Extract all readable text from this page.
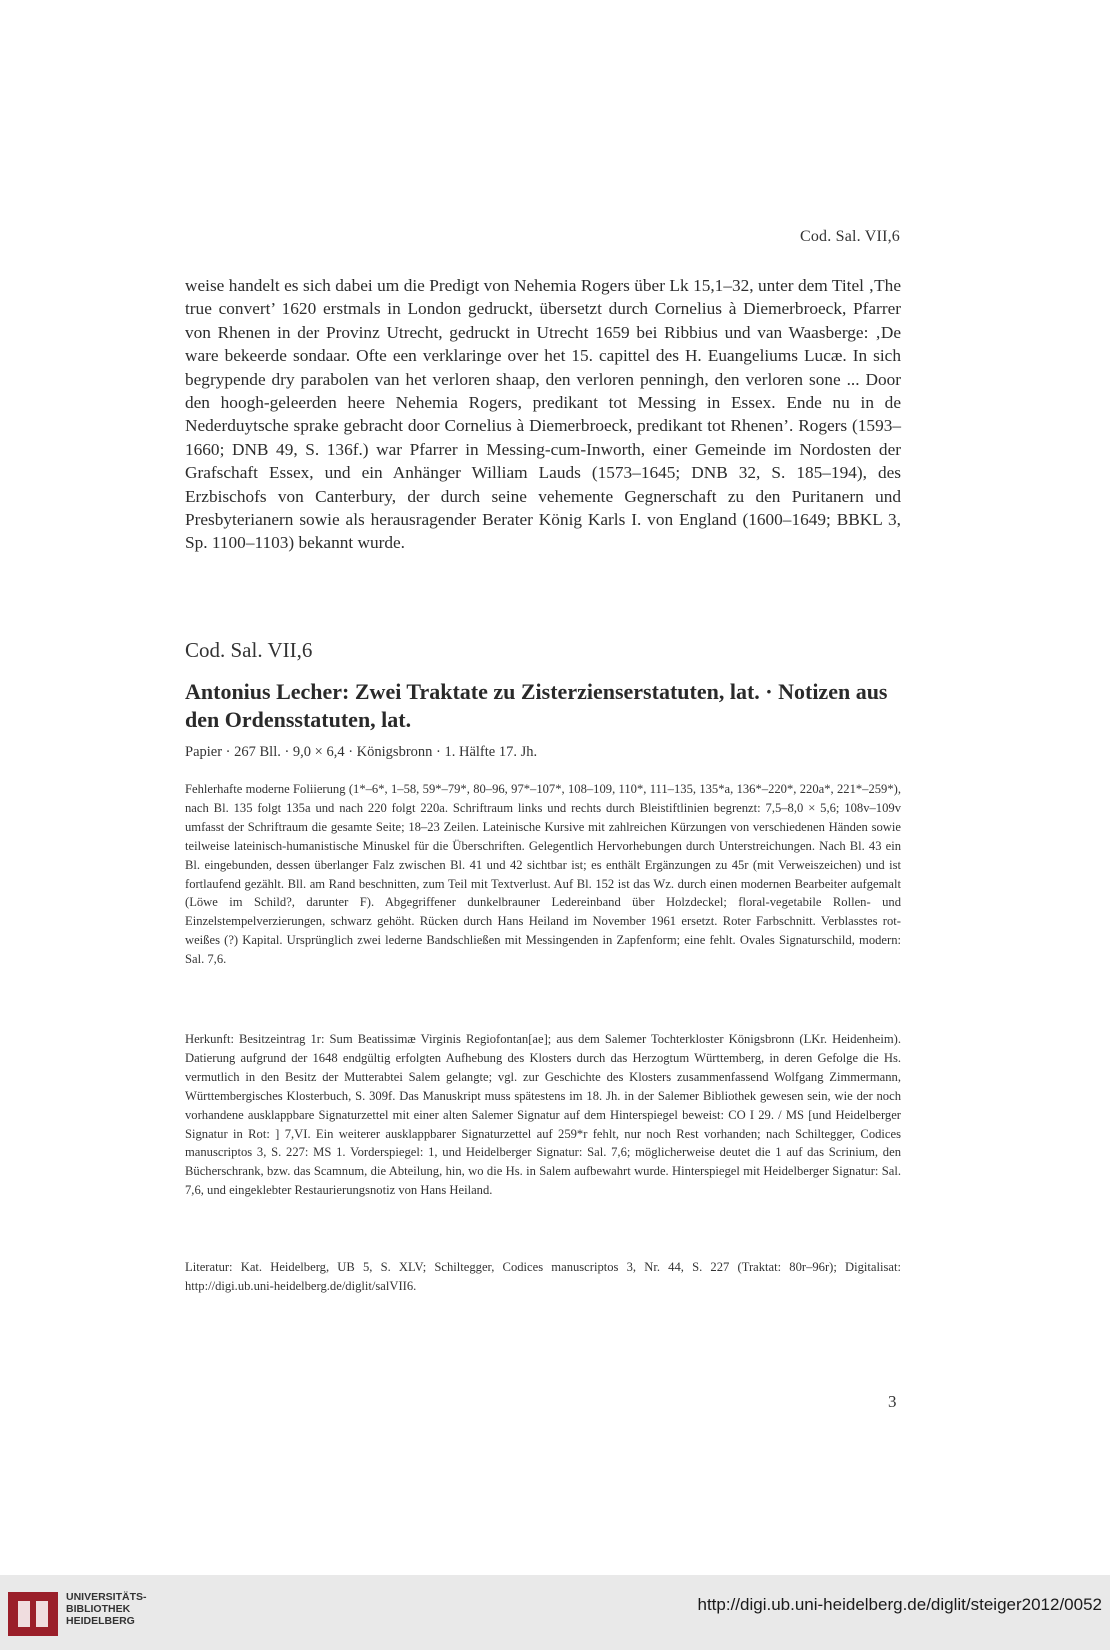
Cod. Sal. VII,6

weise handelt es sich dabei um die Predigt von Nehemia Rogers über Lk 15,1–32, unter dem Titel ‚The true convert’ 1620 erstmals in London gedruckt, übersetzt durch Cornelius à Diemerbroeck, Pfarrer von Rhenen in der Provinz Utrecht, gedruckt in Utrecht 1659 bei Ribbius und van Waasberge: ‚De ware bekeerde sondaar. Ofte een verklaringe over het 15. capittel des H. Euangeliums Lucæ. In sich begrypende dry parabolen van het verloren shaap, den verloren penningh, den verloren sone ... Door den hoogh-geleerden heere Nehemia Rogers, predikant tot Messing in Essex. Ende nu in de Nederduytsche sprake gebracht door Cornelius à Diemerbroeck, predikant tot Rhenen’. Rogers (1593–1660; DNB 49, S. 136f.) war Pfarrer in Messing-cum-Inworth, einer Gemeinde im Nordosten der Grafschaft Essex, und ein Anhänger William Lauds (1573–1645; DNB 32, S. 185–194), des Erzbischofs von Canterbury, der durch seine vehemente Gegnerschaft zu den Puritanern und Presbyterianern sowie als herausragender Berater König Karls I. von England (1600–1649; BBKL 3, Sp. 1100–1103) bekannt wurde.

Cod. Sal. VII,6
Antonius Lecher: Zwei Traktate zu Zisterzienserstatuten, lat. · Notizen aus den Ordensstatuten, lat.
Papier · 267 Bll. · 9,0 × 6,4 · Königsbronn · 1. Hälfte 17. Jh.

Fehlerhafte moderne Foliierung (1*–6*, 1–58, 59*–79*, 80–96, 97*–107*, 108–109, 110*, 111–135, 135*a, 136*–220*, 220a*, 221*–259*), nach Bl. 135 folgt 135a und nach 220 folgt 220a. Schriftraum links und rechts durch Bleistiftlinien begrenzt: 7,5–8,0 × 5,6; 108v–109v umfasst der Schriftraum die gesamte Seite; 18–23 Zeilen. Lateinische Kursive mit zahlreichen Kürzungen von verschiedenen Händen sowie teilweise lateinisch-humanistische Minuskel für die Überschriften. Gelegentlich Hervorhebungen durch Unterstreichungen. Nach Bl. 43 ein Bl. eingebunden, dessen überlanger Falz zwischen Bl. 41 und 42 sichtbar ist; es enthält Ergänzungen zu 45r (mit Verweiszeichen) und ist fortlaufend gezählt. Bll. am Rand beschnitten, zum Teil mit Textverlust. Auf Bl. 152 ist das Wz. durch einen modernen Bearbeiter aufgemalt (Löwe im Schild?, darunter F). Abgegriffener dunkelbrauner Ledereinband über Holzdeckel; floral-vegetabile Rollen- und Einzelstempelverzierungen, schwarz gehöht. Rücken durch Hans Heiland im November 1961 ersetzt. Roter Farbschnitt. Verblasstes rot-weißes (?) Kapital. Ursprünglich zwei lederne Bandschließen mit Messingenden in Zapfenform; eine fehlt. Ovales Signaturschild, modern: Sal. 7,6.

Herkunft: Besitzeintrag 1r: Sum Beatissimæ Virginis Regiofontan[ae]; aus dem Salemer Tochterkloster Königsbronn (LKr. Heidenheim). Datierung aufgrund der 1648 endgültig erfolgten Aufhebung des Klosters durch das Herzogtum Württemberg, in deren Gefolge die Hs. vermutlich in den Besitz der Mutterabtei Salem gelangte; vgl. zur Geschichte des Klosters zusammenfassend Wolfgang Zimmermann, Württembergisches Klosterbuch, S. 309f. Das Manuskript muss spätestens im 18. Jh. in der Salemer Bibliothek gewesen sein, wie der noch vorhandene ausklappbare Signaturzettel mit einer alten Salemer Signatur auf dem Hinterspiegel beweist: CO I 29. / MS [und Heidelberger Signatur in Rot: ] 7,VI. Ein weiterer ausklappbarer Signaturzettel auf 259*r fehlt, nur noch Rest vorhanden; nach Schiltegger, Codices manuscriptos 3, S. 227: MS 1. Vorderspiegel: 1, und Heidelberger Signatur: Sal. 7,6; möglicherweise deutet die 1 auf das Scrinium, den Bücherschrank, bzw. das Scamnum, die Abteilung, hin, wo die Hs. in Salem aufbewahrt wurde. Hinterspiegel mit Heidelberger Signatur: Sal. 7,6, und eingeklebter Restaurierungsnotiz von Hans Heiland.

Literatur: Kat. Heidelberg, UB 5, S. XLV; Schiltegger, Codices manuscriptos 3, Nr. 44, S. 227 (Traktat: 80r–96r); Digitalisat: http://digi.ub.uni-heidelberg.de/diglit/salVII6.

3
UNIVERSITÄTS-
BIBLIOTHEK
HEIDELBERG
http://digi.ub.uni-heidelberg.de/diglit/steiger2012/0052
